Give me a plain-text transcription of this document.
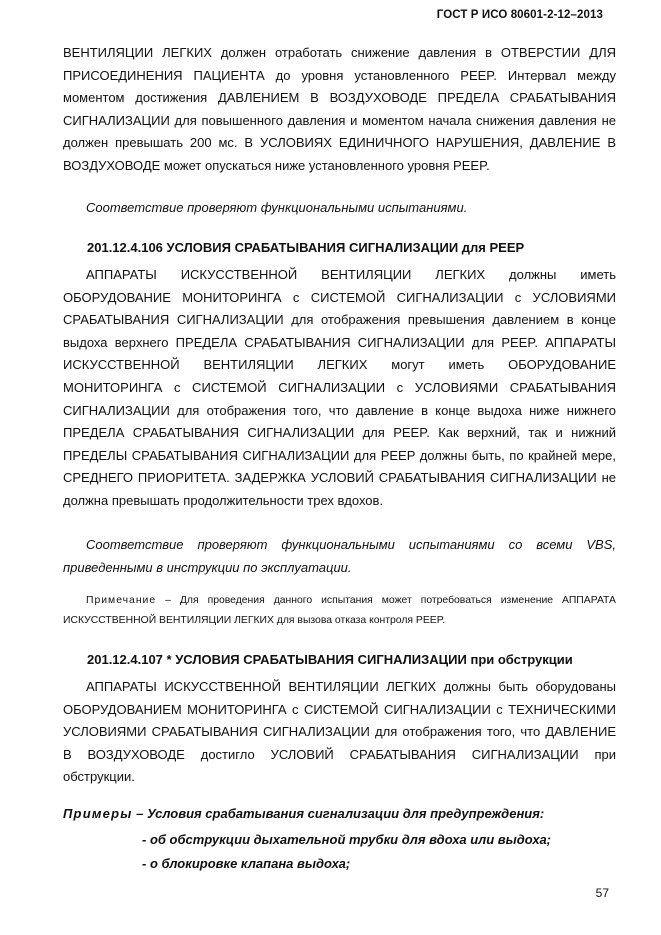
ГОСТ Р ИСО 80601-2-12–2013

ВЕНТИЛЯЦИИ ЛЕГКИХ должен отработать снижение давления в ОТВЕРСТИИ ДЛЯ ПРИСОЕДИНЕНИЯ ПАЦИЕНТА до уровня установленного PEEP. Интервал между моментом достижения ДАВЛЕНИЕМ В ВОЗДУХОВОДЕ ПРЕДЕЛА СРАБАТЫВАНИЯ СИГНАЛИЗАЦИИ для повышенного давления и моментом начала снижения давления не должен превышать 200 мс. В УСЛОВИЯХ ЕДИНИЧНОГО НАРУШЕНИЯ, ДАВЛЕНИЕ В ВОЗДУХОВОДЕ может опускаться ниже установленного уровня PEEP.

Соответствие проверяют функциональными испытаниями.

201.12.4.106 УСЛОВИЯ СРАБАТЫВАНИЯ СИГНАЛИЗАЦИИ для PEEP

АППАРАТЫ ИСКУССТВЕННОЙ ВЕНТИЛЯЦИИ ЛЕГКИХ должны иметь ОБОРУДОВАНИЕ МОНИТОРИНГА с СИСТЕМОЙ СИГНАЛИЗАЦИИ с УСЛОВИЯМИ СРАБАТЫВАНИЯ СИГНАЛИЗАЦИИ для отображения превышения давлением в конце выдоха верхнего ПРЕДЕЛА СРАБАТЫВАНИЯ СИГНАЛИЗАЦИИ для PEEP. АППАРАТЫ ИСКУССТВЕННОЙ ВЕНТИЛЯЦИИ ЛЕГКИХ могут иметь ОБОРУДОВАНИЕ МОНИТОРИНГА с СИСТЕМОЙ СИГНАЛИЗАЦИИ с УСЛОВИЯМИ СРАБАТЫВАНИЯ СИГНАЛИЗАЦИИ для отображения того, что давление в конце выдоха ниже нижнего ПРЕДЕЛА СРАБАТЫВАНИЯ СИГНАЛИЗАЦИИ для PEEP. Как верхний, так и нижний ПРЕДЕЛЫ СРАБАТЫВАНИЯ СИГНАЛИЗАЦИИ для PEEP должны быть, по крайней мере, СРЕДНЕГО ПРИОРИТЕТА. ЗАДЕРЖКА УСЛОВИЙ СРАБАТЫВАНИЯ СИГНАЛИЗАЦИИ не должна превышать продолжительности трех вдохов.

Соответствие проверяют функциональными испытаниями со всеми VBS, приведенными в инструкции по эксплуатации.

Примечание – Для проведения данного испытания может потребоваться изменение АППАРАТА ИСКУССТВЕННОЙ ВЕНТИЛЯЦИИ ЛЕГКИХ для вызова отказа контроля PEEP.

201.12.4.107 * УСЛОВИЯ СРАБАТЫВАНИЯ СИГНАЛИЗАЦИИ при обструкции

АППАРАТЫ ИСКУССТВЕННОЙ ВЕНТИЛЯЦИИ ЛЕГКИХ должны быть оборудованы ОБОРУДОВАНИЕМ МОНИТОРИНГА с СИСТЕМОЙ СИГНАЛИЗАЦИИ с ТЕХНИЧЕСКИМИ УСЛОВИЯМИ СРАБАТЫВАНИЯ СИГНАЛИЗАЦИИ для отображения того, что ДАВЛЕНИЕ В ВОЗДУХОВОДЕ достигло УСЛОВИЙ СРАБАТЫВАНИЯ СИГНАЛИЗАЦИИ при обструкции.

Примеры – Условия срабатывания сигнализации для предупреждения:

- об обструкции дыхательной трубки для вдоха или выдоха;

- о блокировке клапана выдоха;

57
